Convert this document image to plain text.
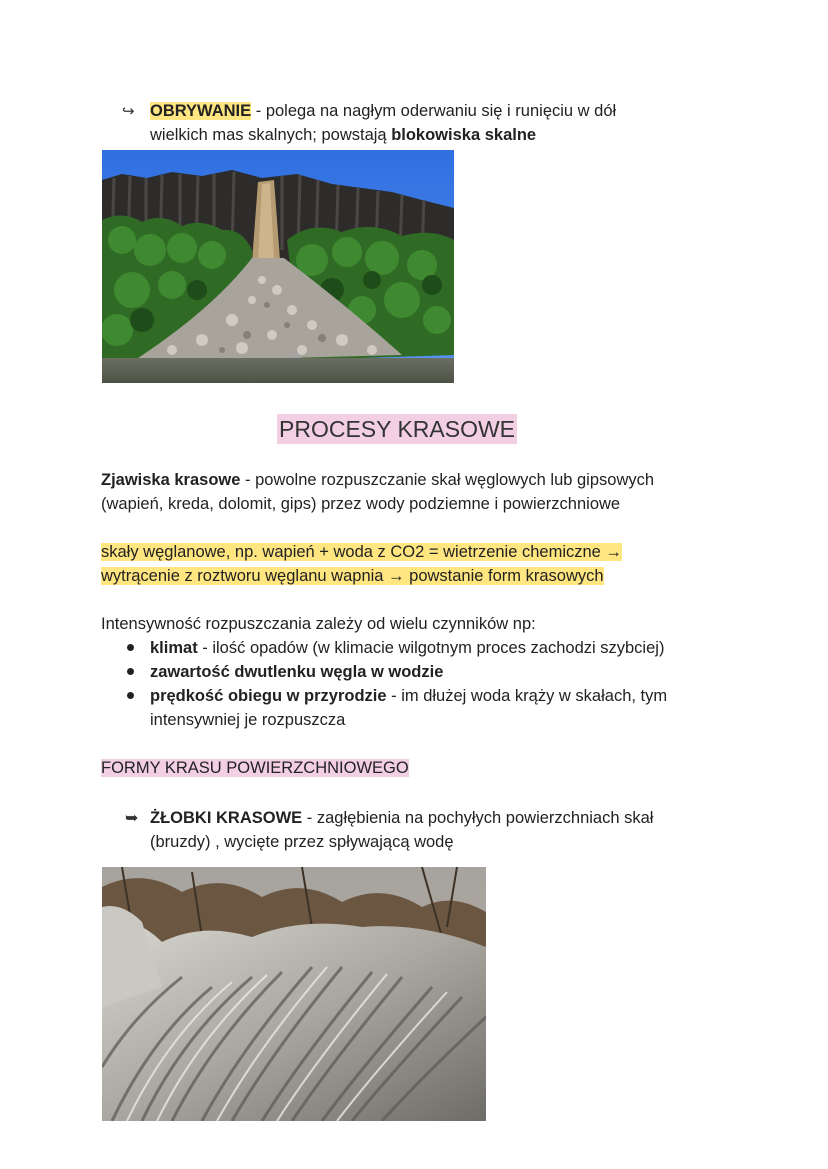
↪ OBRYWANIE - polega na nagłym oderwaniu się i runięciu w dół
wielkich mas skalnych; powstają blokowiska skalne
PROCESY KRASOWE
Zjawiska krasowe - powolne rozpuszczanie skał węglowych lub gipsowych
(wapień, kreda, dolomit, gips) przez wody podziemne i powierzchniowe
skały węglanowe, np. wapień + woda z CO2 = wietrzenie chemiczne →
wytrącenie z roztworu węglanu wapnia → powstanie form krasowych
Intensywność rozpuszczania zależy od wielu czynników np:
klimat - ilość opadów (w klimacie wilgotnym proces zachodzi szybciej)
zawartość dwutlenku węgla w wodzie
prędkość obiegu w przyrodzie - im dłużej woda krąży w skałach, tym
intensywniej je rozpuszcza
FORMY KRASU POWIERZCHNIOWEGO
➥ ŻŁOBKI KRASOWE - zagłębienia na pochyłych powierzchniach skał
(bruzdy) , wycięte przez spływającą wodę
